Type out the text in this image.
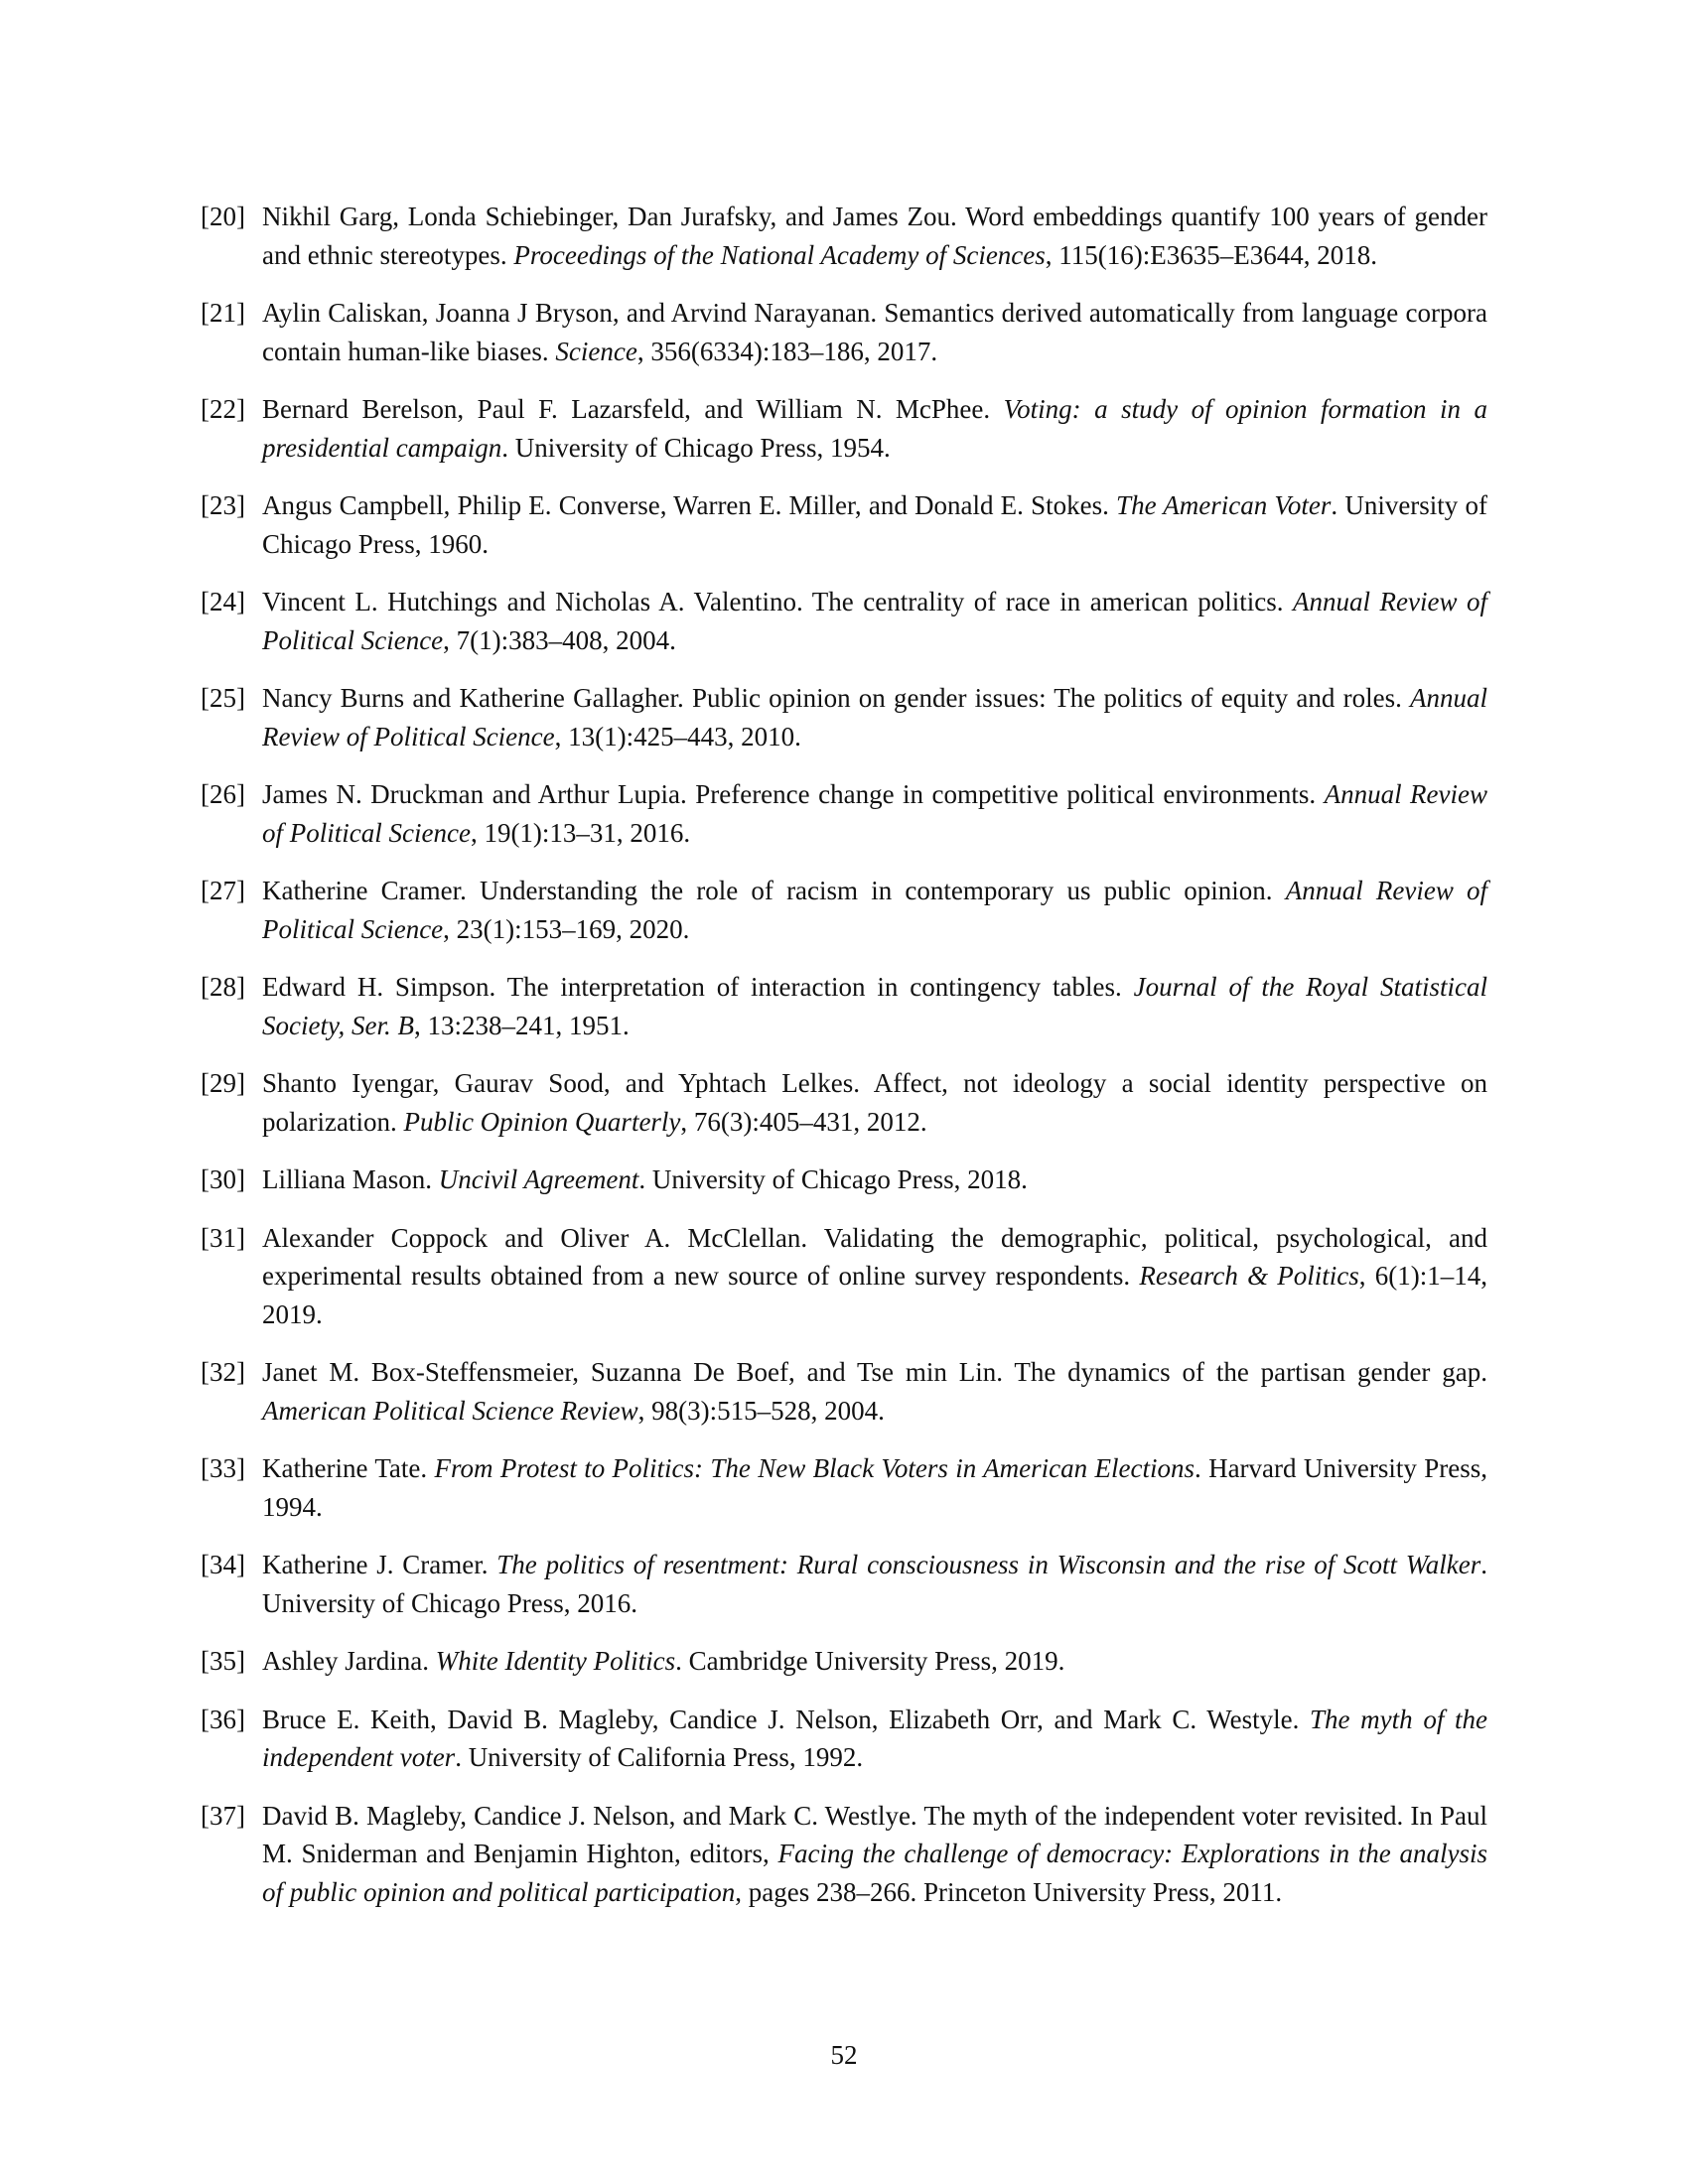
[20] Nikhil Garg, Londa Schiebinger, Dan Jurafsky, and James Zou. Word embeddings quantify 100 years of gender and ethnic stereotypes. Proceedings of the National Academy of Sciences, 115(16):E3635–E3644, 2018.
[21] Aylin Caliskan, Joanna J Bryson, and Arvind Narayanan. Semantics derived automatically from language corpora contain human-like biases. Science, 356(6334):183–186, 2017.
[22] Bernard Berelson, Paul F. Lazarsfeld, and William N. McPhee. Voting: a study of opinion formation in a presidential campaign. University of Chicago Press, 1954.
[23] Angus Campbell, Philip E. Converse, Warren E. Miller, and Donald E. Stokes. The American Voter. University of Chicago Press, 1960.
[24] Vincent L. Hutchings and Nicholas A. Valentino. The centrality of race in american politics. Annual Review of Political Science, 7(1):383–408, 2004.
[25] Nancy Burns and Katherine Gallagher. Public opinion on gender issues: The politics of equity and roles. Annual Review of Political Science, 13(1):425–443, 2010.
[26] James N. Druckman and Arthur Lupia. Preference change in competitive political environments. Annual Review of Political Science, 19(1):13–31, 2016.
[27] Katherine Cramer. Understanding the role of racism in contemporary us public opinion. Annual Review of Political Science, 23(1):153–169, 2020.
[28] Edward H. Simpson. The interpretation of interaction in contingency tables. Journal of the Royal Statistical Society, Ser. B, 13:238–241, 1951.
[29] Shanto Iyengar, Gaurav Sood, and Yphtach Lelkes. Affect, not ideology a social identity perspective on polarization. Public Opinion Quarterly, 76(3):405–431, 2012.
[30] Lilliana Mason. Uncivil Agreement. University of Chicago Press, 2018.
[31] Alexander Coppock and Oliver A. McClellan. Validating the demographic, political, psychological, and experimental results obtained from a new source of online survey respondents. Research & Politics, 6(1):1–14, 2019.
[32] Janet M. Box-Steffensmeier, Suzanna De Boef, and Tse min Lin. The dynamics of the partisan gender gap. American Political Science Review, 98(3):515–528, 2004.
[33] Katherine Tate. From Protest to Politics: The New Black Voters in American Elections. Harvard University Press, 1994.
[34] Katherine J. Cramer. The politics of resentment: Rural consciousness in Wisconsin and the rise of Scott Walker. University of Chicago Press, 2016.
[35] Ashley Jardina. White Identity Politics. Cambridge University Press, 2019.
[36] Bruce E. Keith, David B. Magleby, Candice J. Nelson, Elizabeth Orr, and Mark C. Westyle. The myth of the independent voter. University of California Press, 1992.
[37] David B. Magleby, Candice J. Nelson, and Mark C. Westlye. The myth of the independent voter revisited. In Paul M. Sniderman and Benjamin Highton, editors, Facing the challenge of democracy: Explorations in the analysis of public opinion and political participation, pages 238–266. Princeton University Press, 2011.
52
